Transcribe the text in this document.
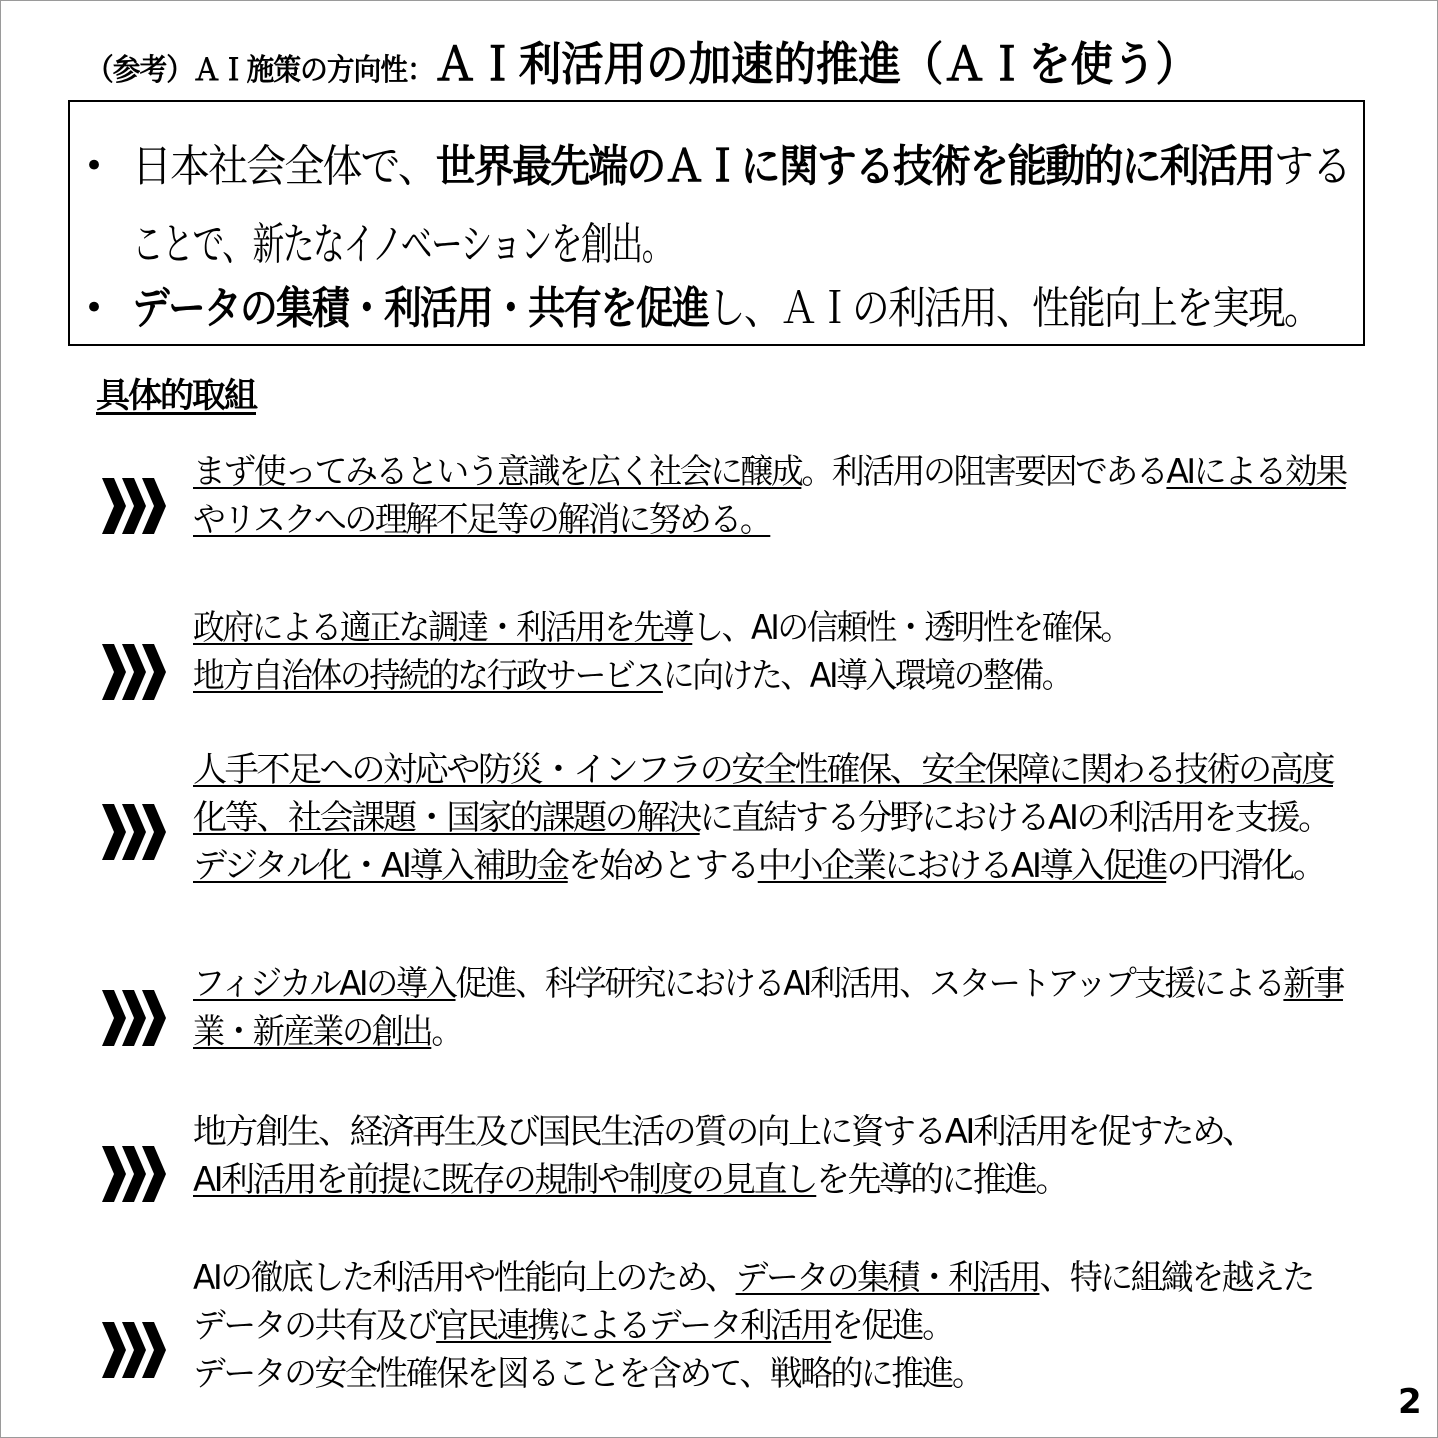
（参考）ＡＩ施策の方向性： ＡＩ利活用の加速的推進（ＡＩを使う）
• 日本社会全体で、世界最先端のＡＩに関する技術を能動的に利活用する
ことで、新たなイノベーションを創出。
• データの集積・利活用・共有を促進し、ＡＩの利活用、性能向上を実現。
具体的取組
まず使ってみるという意識を広く社会に醸成。利活用の阻害要因であるAIによる効果
やリスクへの理解不足等の解消に努める。
政府による適正な調達・利活用を先導し、AIの信頼性・透明性を確保。
地方自治体の持続的な行政サービスに向けた、AI導入環境の整備。
人手不足への対応や防災・インフラの安全性確保、安全保障に関わる技術の高度
化等、社会課題・国家的課題の解決に直結する分野におけるAIの利活用を支援。
デジタル化・AI導入補助金を始めとする中小企業におけるAI導入促進の円滑化。
フィジカルAIの導入促進、科学研究におけるAI利活用、スタートアップ支援による新事
業・新産業の創出。
地方創生、経済再生及び国民生活の質の向上に資するAI利活用を促すため、
AI利活用を前提に既存の規制や制度の見直しを先導的に推進。
AIの徹底した利活用や性能向上のため、データの集積・利活用、特に組織を越えた
データの共有及び官民連携によるデータ利活用を促進。
データの安全性確保を図ることを含めて、戦略的に推進。
2
